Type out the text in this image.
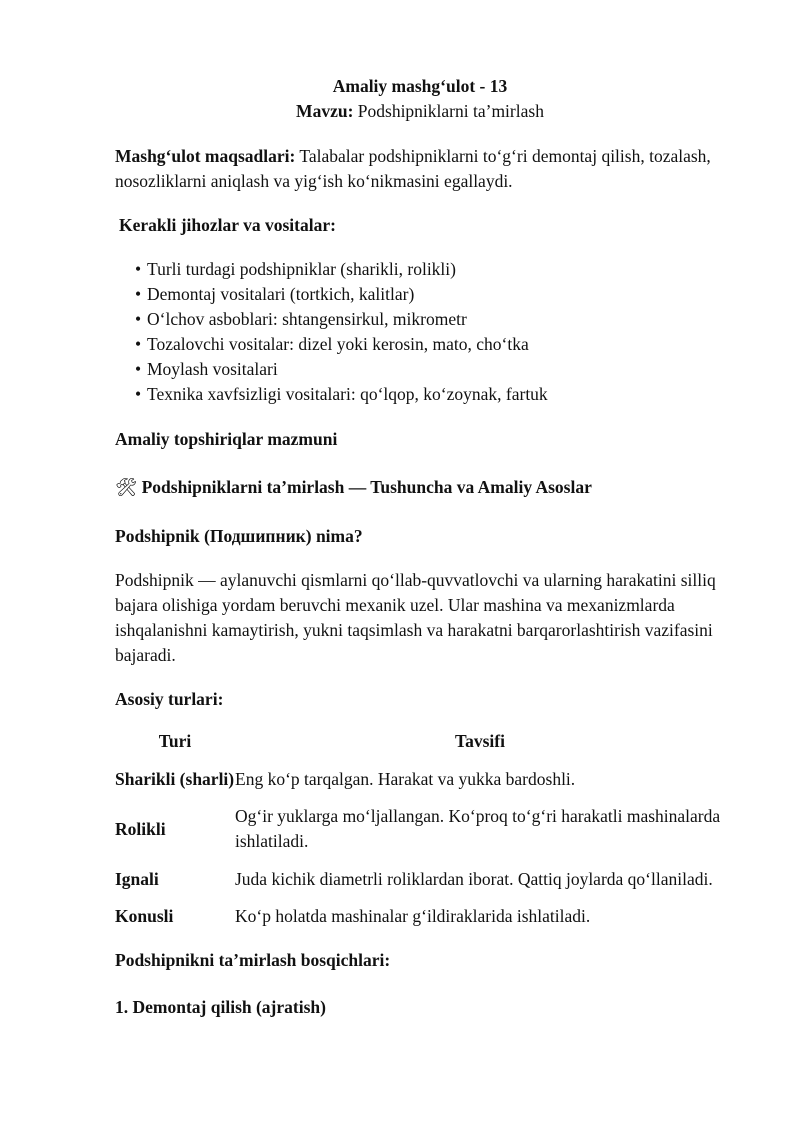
Amaliy mashg‘ulot - 13

Mavzu: Podshipniklarni ta’mirlash

Mashg‘ulot maqsadlari: Talabalar podshipniklarni to‘g‘ri demontaj qilish, tozalash, nosozliklarni aniqlash va yig‘ish ko‘nikmasini egallaydi.

Kerakli jihozlar va vositalar:

• Turli turdagi podshipniklar (sharikli, rolikli)
• Demontaj vositalari (tortkich, kalitlar)
• O‘lchov asboblari: shtangensirkul, mikrometr
• Tozalovchi vositalar: dizel yoki kerosin, mato, cho‘tka
• Moylash vositalari
• Texnika xavfsizligi vositalari: qo‘lqop, ko‘zoynak, fartuk

Amaliy topshiriqlar mazmuni

🛠 Podshipniklarni ta’mirlash — Tushuncha va Amaliy Asoslar

Podshipnik (Подшипник) nima?

Podshipnik — aylanuvchi qismlarni qo‘llab-quvvatlovchi va ularning harakatini silliq bajara olishiga yordam beruvchi mexanik uzel. Ular mashina va mexanizmlarda ishqalanishni kamaytirish, yukni taqsimlash va harakatni barqarorlashtirish vazifasini bajaradi.

Asosiy turlari:

Turi	Tavsifi
Sharikli (sharli)	Eng ko‘p tarqalgan. Harakat va yukka bardoshli.
Rolikli	Og‘ir yuklarga mo‘ljallangan. Ko‘proq to‘g‘ri harakatli mashinalarda ishlatiladi.
Ignali	Juda kichik diametrli roliklardan iborat. Qattiq joylarda qo‘llaniladi.
Konusli	Ko‘p holatda mashinalar g‘ildiraklarida ishlatiladi.

Podshipnikni ta’mirlash bosqichlari:

1. Demontaj qilish (ajratish)
